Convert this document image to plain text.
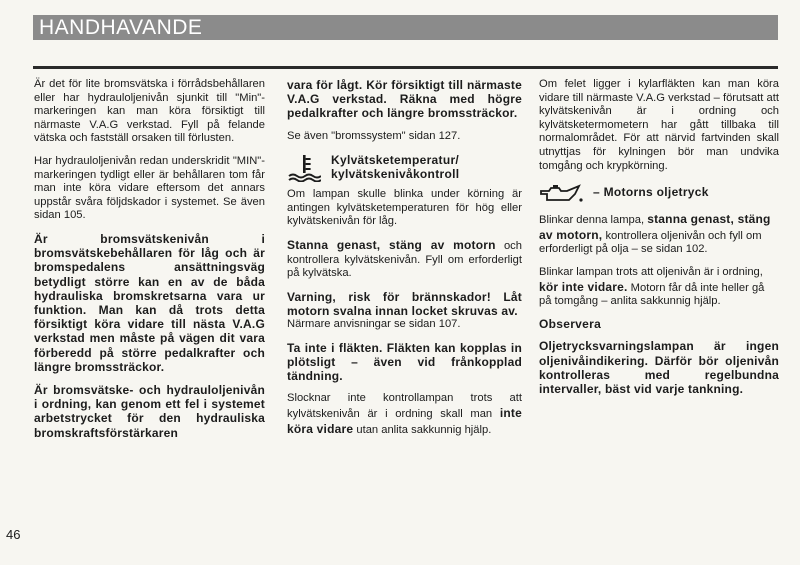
HANDHAVANDE

Är det för lite bromsvätska i förrådsbehållaren eller har hydrauloljenivån sjunkit till "Min"-markeringen kan man köra försiktigt till närmaste V.A.G verkstad. Fyll på felande vätska och fastställ orsaken till förlusten.

Har hydrauloljenivån redan underskridit "MIN"-markeringen tydligt eller är behållaren tom får man inte köra vidare eftersom det annars uppstår svåra följdskador i systemet. Se även sidan 105.

Är bromsvätskenivån i bromsvätskebehållaren för låg och är bromspedalens ansättningsväg betydligt större kan en av de båda hydrauliska bromskretsarna vara ur funktion. Man kan då trots detta försiktigt köra vidare till nästa V.A.G verkstad men måste på vägen dit vara förberedd på större pedalkrafter och längre bromssträckor.

Är bromsvätske- och hydrauloljenivån i ordning, kan genom ett fel i systemet arbetstrycket för den hydrauliska bromskraftsförstärkaren

vara för lågt. Kör försiktigt till närmaste V.A.G verkstad. Räkna med högre pedalkrafter och längre bromssträckor.

Se även "bromssystem" sidan 127.

Kylvätsketemperatur/
kylvätskenivåkontroll

Om lampan skulle blinka under körning är antingen kylvätsketemperaturen för hög eller kylvätskenivån för låg.

Stanna genast, stäng av motorn och kontrollera kylvätskenivån. Fyll om erforderligt på kylvätska.

Varning, risk för brännskador! Låt motorn svalna innan locket skruvas av.
Närmare anvisningar se sidan 107.

Ta inte i fläkten. Fläkten kan kopplas in plötsligt – även vid frånkopplad tändning.

Slocknar inte kontrollampan trots att kylvätskenivån är i ordning skall man inte köra vidare utan anlita sakkunnig hjälp.

Om felet ligger i kylarfläkten kan man köra vidare till närmaste V.A.G verkstad – förutsatt att kylvätskenivån är i ordning och kylvätsketermometern har gått tillbaka till normalområdet. För att närvid fartvinden skall utnyttjas för kylningen bör man undvika tomgång och krypkörning.

– Motorns oljetryck

Blinkar denna lampa, stanna genast, stäng av motorn, kontrollera oljenivån och fyll om erforderligt på olja – se sidan 102.

Blinkar lampan trots att oljenivån är i ordning, kör inte vidare. Motorn får då inte heller gå på tomgång – anlita sakkunnig hjälp.

Observera

Oljetrycksvarningslampan är ingen oljenivåindikering. Därför bör oljenivån kontrolleras med regelbundna intervaller, bäst vid varje tankning.

46
